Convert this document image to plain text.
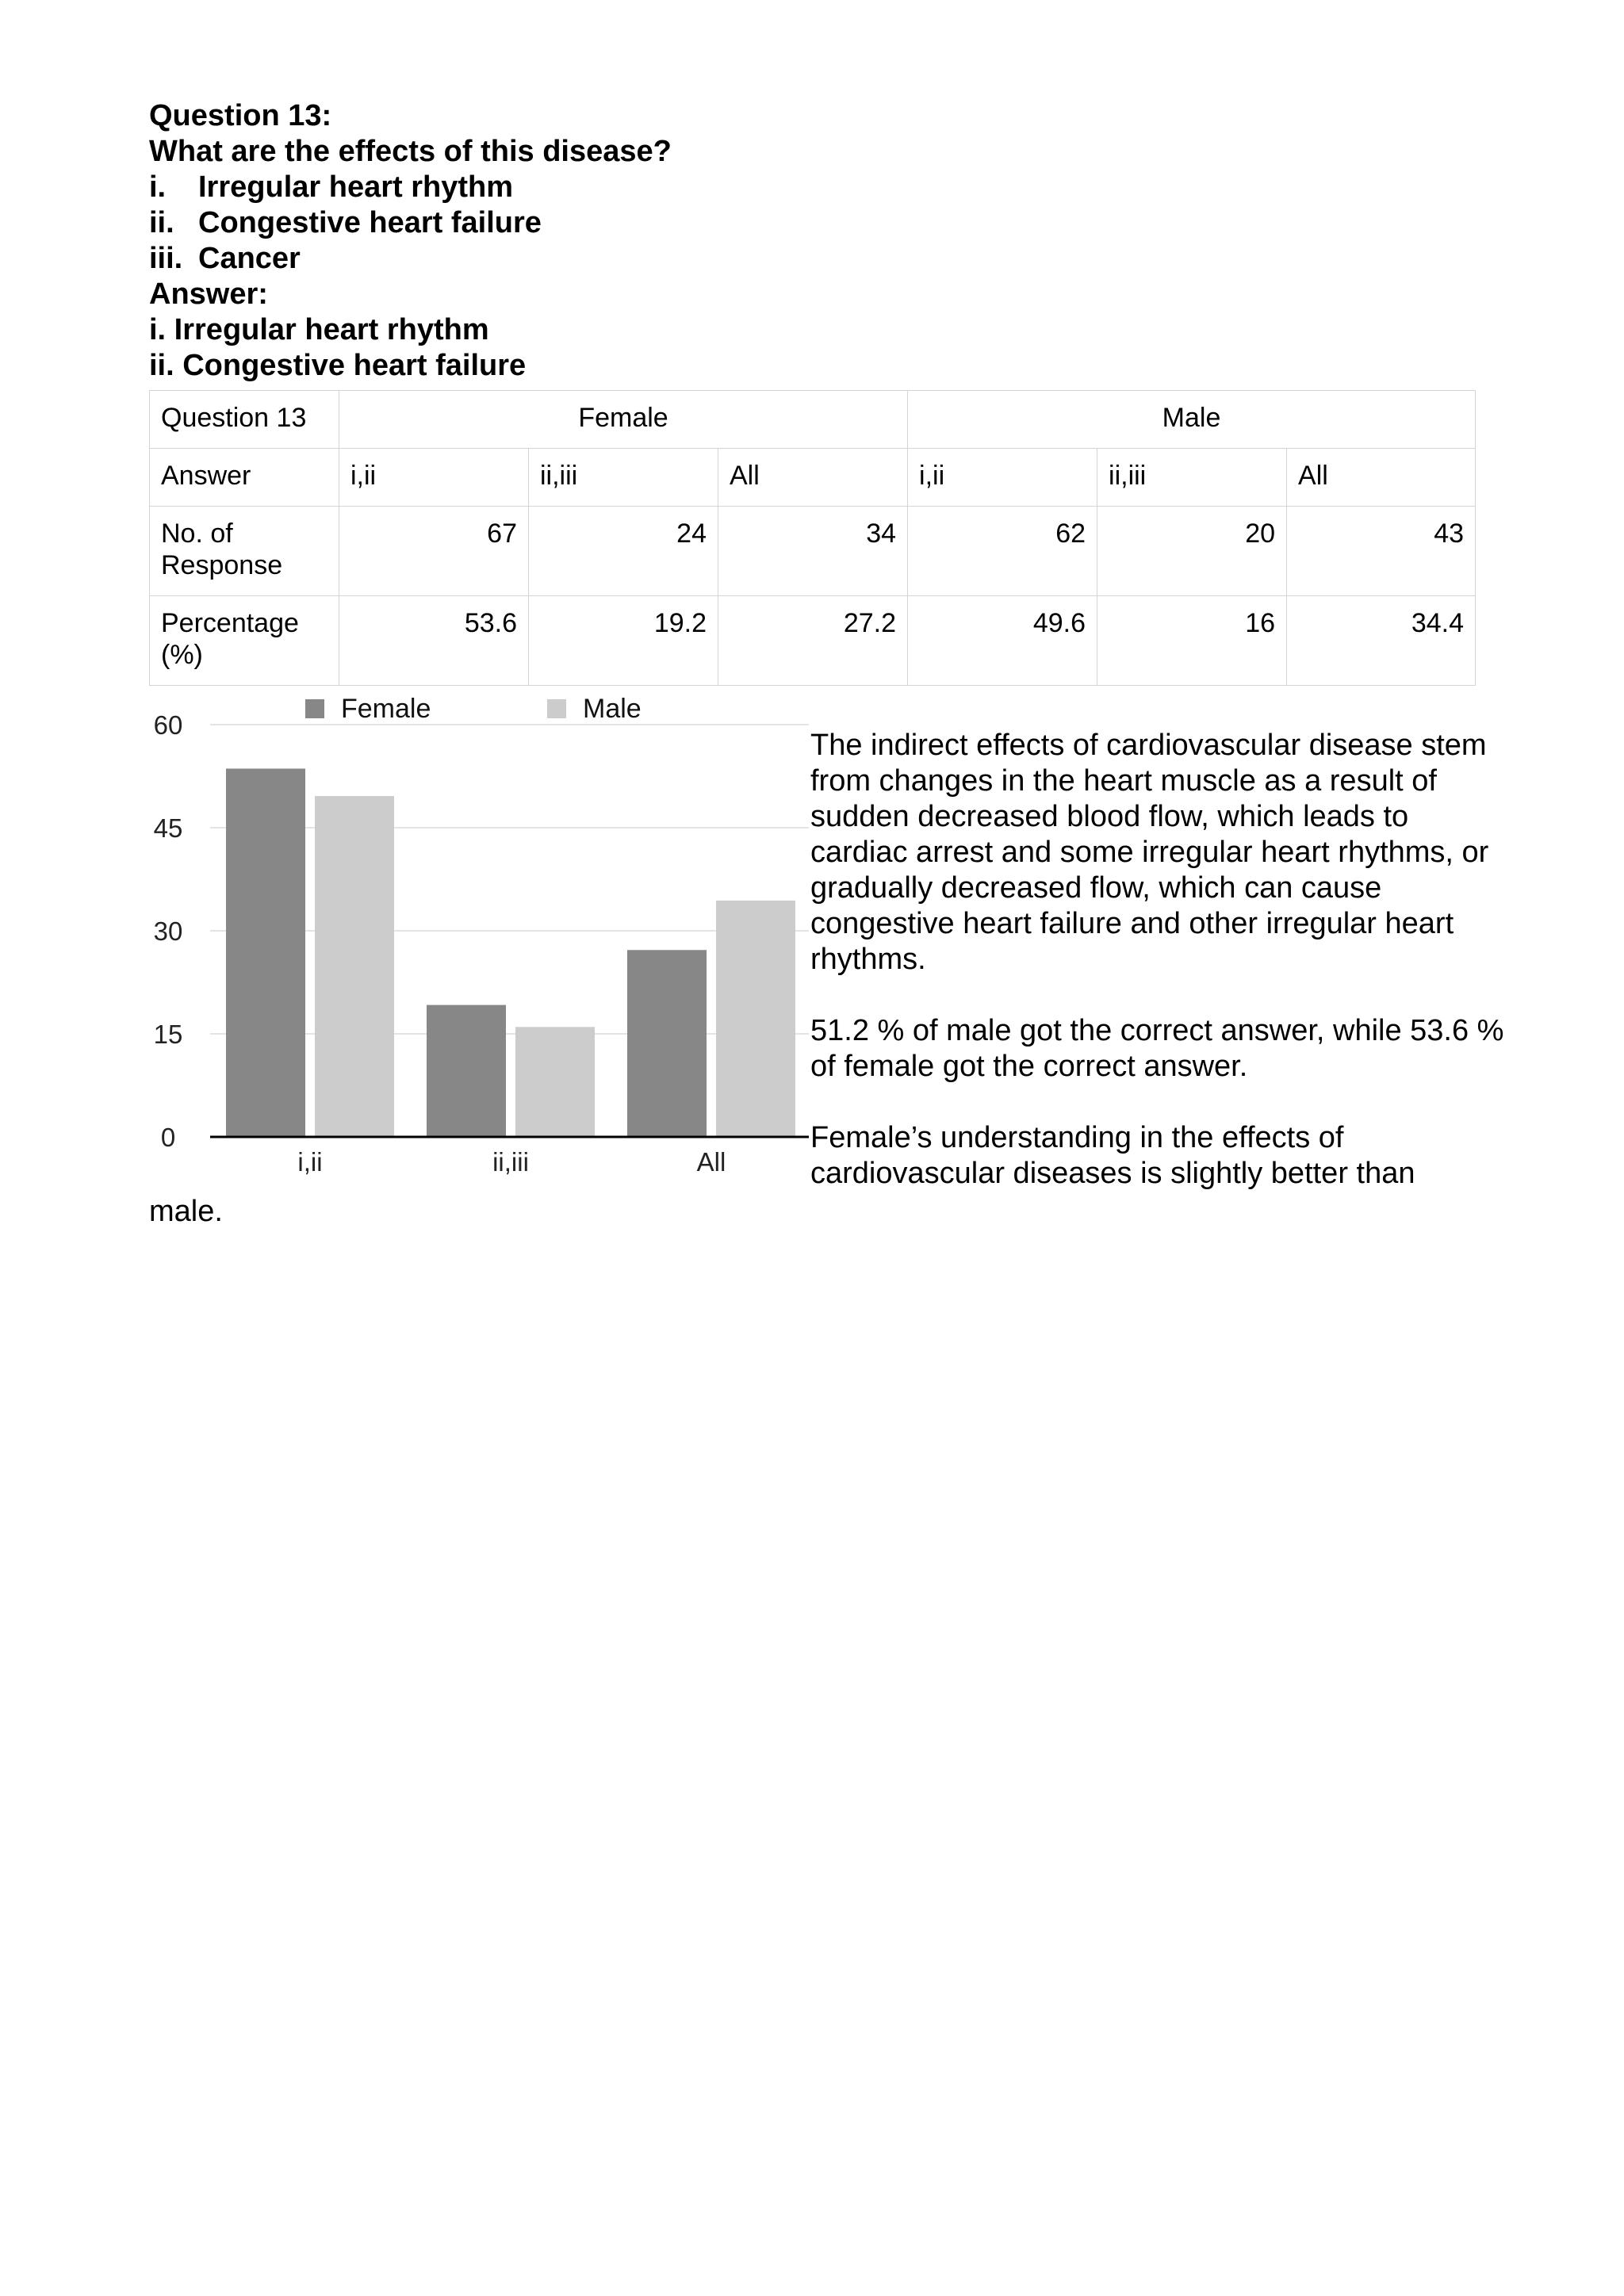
Question 13:
What are the effects of this disease?
i. Irregular heart rhythm
ii. Congestive heart failure
iii. Cancer
Answer:
i. Irregular heart rhythm
ii. Congestive heart failure
Question 13	Female			Male		
Answer	i,ii	ii,iii	All	i,ii	ii,iii	All
No. of Response	67	24	34	62	20	43
Percentage (%)	53.6	19.2	27.2	49.6	16	34.4
0
15
30
45
60
i,ii	ii,iii	All
Female	Male

The indirect effects of cardiovascular disease stem from changes in the heart muscle as a result of sudden decreased blood flow, which leads to cardiac arrest and some irregular heart rhythms, or gradually decreased flow, which can cause congestive heart failure and other irregular heart rhythms.

51.2 % of male got the correct answer, while 53.6 % of female got the correct answer.

Female’s understanding in the effects of cardiovascular diseases is slightly better than

male.
